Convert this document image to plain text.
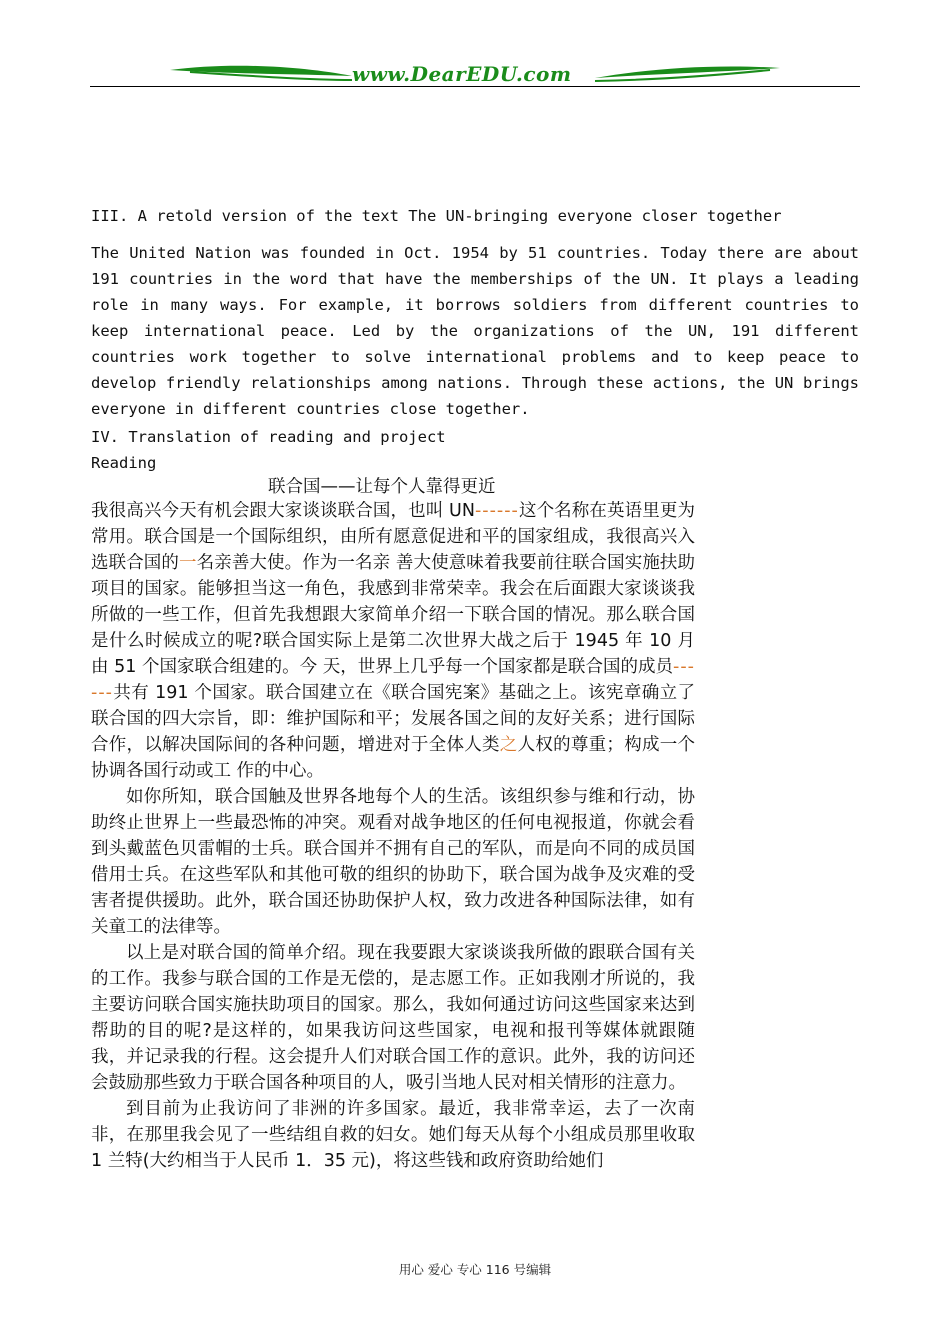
www.DearEDU.com
III. A retold version of the text The UN-bringing everyone closer together
The United Nation was founded in Oct. 1954 by 51 countries. Today there are about 191 countries in the word that have the memberships of the UN. It plays a leading role in many ways. For example, it borrows soldiers from different countries to keep international peace. Led by the organizations of the UN, 191 different countries work together to solve international problems and to keep peace to develop friendly relationships among nations. Through these actions, the UN brings everyone in different countries close together.
IV. Translation of reading and project
Reading
联合国——让每个人靠得更近

我很高兴今天有机会跟大家谈谈联合国，也叫 UN------这个名称在英语里更为常用。联合国是一个国际组织，由所有愿意促进和平的国家组成，我很高兴入选联合国的一名亲善大使。作为一名亲 善大使意味着我要前往联合国实施扶助项目的国家。能够担当这一角色，我感到非常荣幸。我会在后面跟大家谈谈我所做的一些工作，但首先我想跟大家简单介绍一下联合国的情况。那么联合国是什么时候成立的呢?联合国实际上是第二次世界大战之后于 1945 年 10 月由 51 个国家联合组建的。今 天，世界上几乎每一个国家都是联合国的成员------共有 191 个国家。联合国建立在《联合国宪案》基础之上。该宪章确立了联合国的四大宗旨，即：维护国际和平；发展各国之间的友好关系；进行国际合作，以解决国际间的各种问题，增进对于全体人类之人权的尊重；构成一个协调各国行动或工 作的中心。

如你所知，联合国触及世界各地每个人的生活。该组织参与维和行动，协助终止世界上一些最恐怖的冲突。观看对战争地区的任何电视报道，你就会看到头戴蓝色贝雷帽的士兵。联合国并不拥有自己的军队，而是向不同的成员国借用士兵。在这些军队和其他可敬的组织的协助下，联合国为战争及灾难的受害者提供援助。此外，联合国还协助保护人权，致力改进各种国际法律，如有关童工的法律等。

以上是对联合国的简单介绍。现在我要跟大家谈谈我所做的跟联合国有关的工作。我参与联合国的工作是无偿的，是志愿工作。正如我刚才所说的，我主要访问联合国实施扶助项目的国家。那么，我如何通过访问这些国家来达到帮助的目的呢?是这样的，如果我访问这些国家，电视和报刊等媒体就跟随我，并记录我的行程。这会提升人们对联合国工作的意识。此外，我的访问还会鼓励那些致力于联合国各种项目的人，吸引当地人民对相关情形的注意力。

到目前为止我访问了非洲的许多国家。最近，我非常幸运，去了一次南非，在那里我会见了一些结组自救的妇女。她们每天从每个小组成员那里收取 1 兰特(大约相当于人民币 1．35 元)，将这些钱和政府资助给她们

用心 爱心 专心 116 号编辑
